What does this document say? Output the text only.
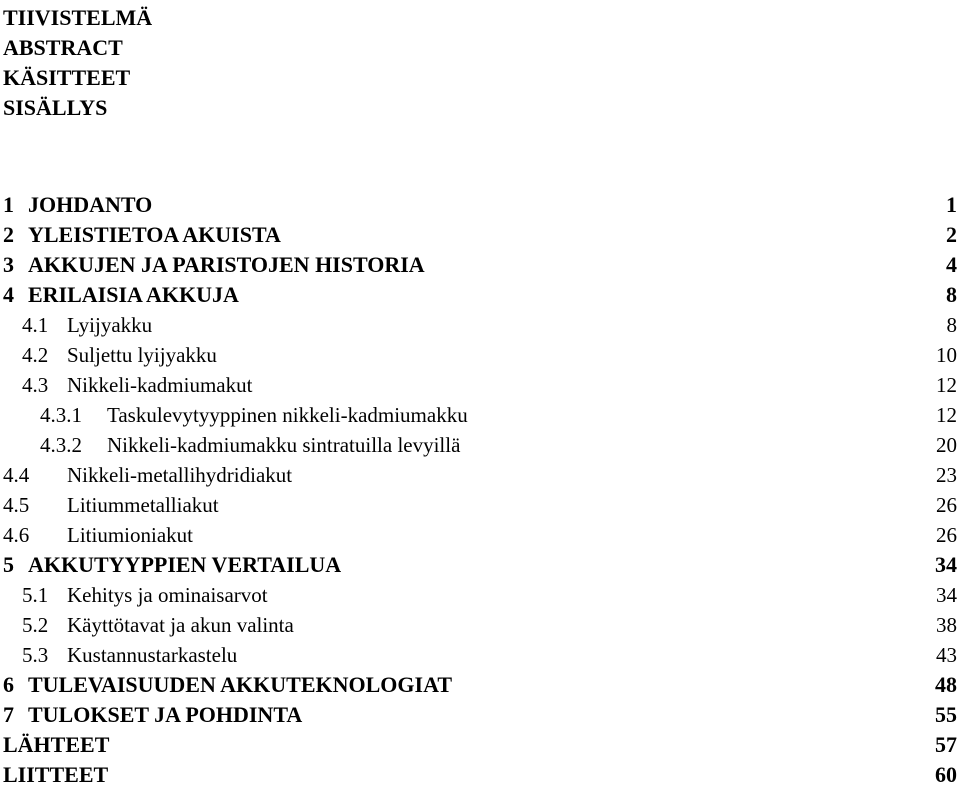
TIIVISTELMÄ
ABSTRACT
KÄSITTEET
SISÄLLYS
1 JOHDANTO	1
2 YLEISTIETOA AKUISTA	2
3 AKKUJEN JA PARISTOJEN HISTORIA	4
4 ERILAISIA AKKUJA	8
4.1 Lyijyakku	8
4.2 Suljettu lyijyakku	10
4.3 Nikkeli-kadmiumakut	12
4.3.1 Taskulevytyyppinen nikkeli-kadmiumakku	12
4.3.2 Nikkeli-kadmiumakku sintratuilla levyillä	20
4.4 Nikkeli-metallihydridiakut	23
4.5 Litiummetalliakut	26
4.6 Litiumioniakut	26
5 AKKUTYYPPIEN VERTAILUA	34
5.1 Kehitys ja ominaisarvot	34
5.2 Käyttötavat ja akun valinta	38
5.3 Kustannustarkastelu	43
6 TULEVAISUUDEN AKKUTEKNOLOGIAT	48
7 TULOKSET JA POHDINTA	55
LÄHTEET	57
LIITTEET	60
